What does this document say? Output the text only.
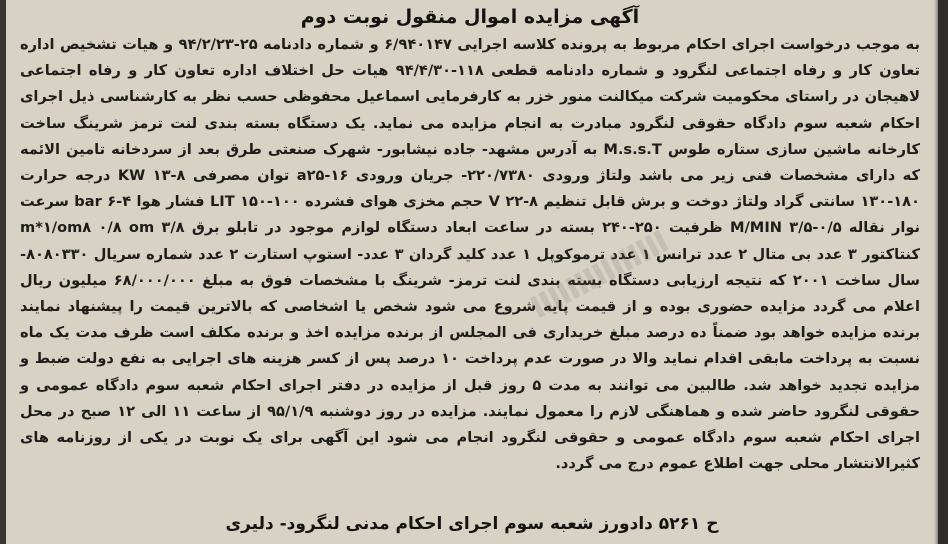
آگهی مزایده اموال منقول نوبت دوم

به موجب درخواست اجرای احکام مربوط به پرونده کلاسه اجرایی ۶/۹۴۰۱۴۷ و شماره دادنامه ۲۵-۹۴/۲/۲۳ و هیات تشخیص اداره تعاون کار و رفاه اجتماعی لنگرود و شماره دادنامه قطعی ۱۱۸-۹۴/۴/۳۰ هیات حل اختلاف اداره تعاون کار و رفاه اجتماعی لاهیجان در راستای محکومیت شرکت میکالنت منور خزر به کارفرمایی اسماعیل محفوظی حسب نظر به کارشناسی ذیل اجرای احکام شعبه سوم دادگاه حقوقی لنگرود مبادرت به انجام مزایده می نماید. یک دستگاه بسته بندی لنت ترمز شرینگ ساخت کارخانه ماشین سازی ستاره طوس M.s.s.T به آدرس مشهد- جاده نیشابور- شهرک صنعتی طرق بعد از سردخانه تامین الائمه که دارای مشخصات فنی زیر می باشد ولتاژ ورودی ۲۲۰/۷۳۸۰- جریان ورودی ۱۶-a۲۵ توان مصرفی KW ۱۳-۸ درجه حرارت ۱۸۰-۱۳۰ سانتی گراد ولتاژ دوخت و برش قابل تنظیم V ۲۲-۸ حجم مخزی هوای فشرده LIT ۱۵۰-۱۰۰ فشار هوا bar ۶-۴ سرعت نوار نقاله M/MIN ۳/۵-۰/۵ ظرفیت ۲۵۰-۲۴۰ بسته در ساعت ابعاد دستگاه لوازم موجود در تابلو برق m*۱/om۸ ۰/۸ om ۳/۸ کنتاکتور ۳ عدد بی متال ۲ عدد ترانس ۱ عدد ترموکوپل ۱ عدد کلید گردان ۳ عدد- استوپ استارت ۲ عدد شماره سریال ۸۰۸۰۳۳۰- سال ساخت ۲۰۰۱ که نتیجه ارزیابی دستگاه بسته بندی لنت ترمز- شرینگ با مشخصات فوق به مبلغ ۶۸/۰۰۰/۰۰۰ میلیون ریال اعلام می گردد مزایده حضوری بوده و از قیمت پایه شروع می شود شخص یا اشخاصی که بالاترین قیمت را پیشنهاد نمایند برنده مزایده خواهد بود ضمناً ده درصد مبلغ خریداری فی المجلس از برنده مزایده اخذ و برنده مکلف است ظرف مدت یک ماه نسبت به پرداخت مابقی اقدام نماید والا در صورت عدم پرداخت ۱۰ درصد پس از کسر هزینه های اجرایی به نفع دولت ضبط و مزایده تجدید خواهد شد. طالبین می توانند به مدت ۵ روز قبل از مزایده در دفتر اجرای احکام شعبه سوم دادگاه عمومی و حقوقی لنگرود حاضر شده و هماهنگی لازم را معمول نمایند. مزایده در روز دوشنبه ۹۵/۱/۹ از ساعت ۱۱ الی ۱۲ صبح در محل اجرای احکام شعبه سوم دادگاه عمومی و حقوقی لنگرود انجام می شود این آگهی برای یک نوبت در یکی از روزنامه های کثیرالانتشار محلی جهت اطلاع عموم درج می گردد.

ح ۵۲۶۱ دادورز شعبه سوم اجرای احکام مدنی لنگرود- دلیری
